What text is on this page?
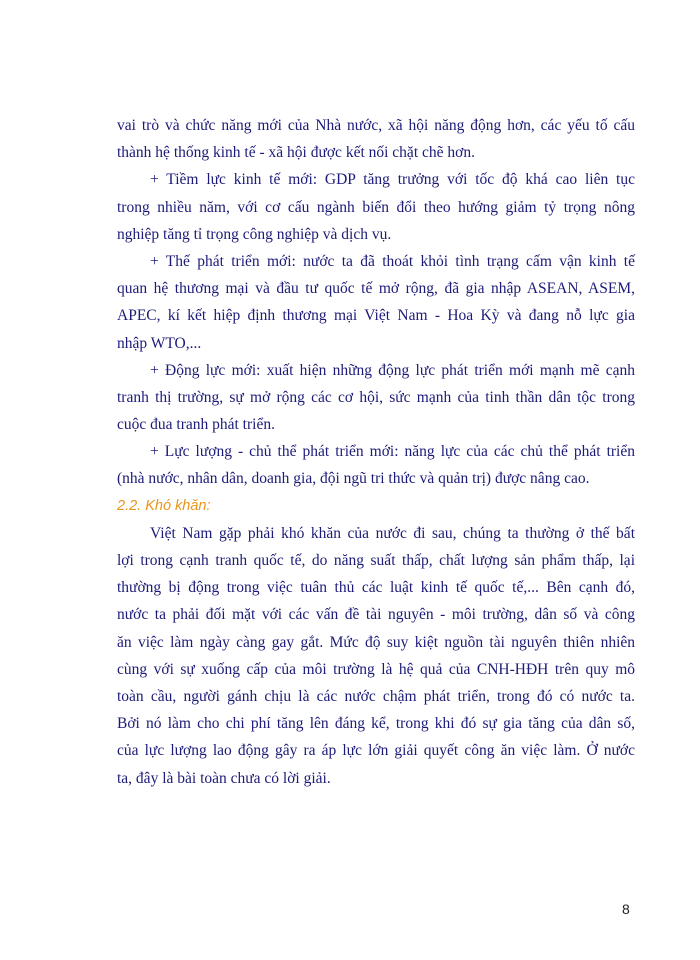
vai trò và chức năng mới của Nhà nước, xã hội năng động hơn, các yếu tố cấu
thành hệ thống kinh tế - xã hội được kết nối chặt chẽ hơn.
+ Tiềm lực kinh tế mới: GDP tăng trưởng với tốc độ khá cao liên tục
trong nhiều năm, với cơ cấu ngành biến đổi theo hướng giảm tỷ trọng nông
nghiệp tăng tỉ trọng công nghiệp và dịch vụ.
+ Thế phát triển mới: nước ta đã thoát khỏi tình trạng cấm vận kinh tế
quan hệ thương mại và đầu tư quốc tế mở rộng, đã gia nhập ASEAN, ASEM,
APEC, kí kết hiệp định thương mại Việt Nam - Hoa Kỳ và đang nỗ lực gia
nhập WTO,...
+ Động lực mới: xuất hiện những động lực phát triển mới mạnh mẽ cạnh
tranh thị trường, sự mở rộng các cơ hội, sức mạnh của tinh thần dân tộc trong
cuộc đua tranh phát triển.
+ Lực lượng - chủ thể phát triển mới: năng lực của các chủ thể phát triển
(nhà nước, nhân dân, doanh gia, đội ngũ tri thức và quản trị) được nâng cao.
2.2. Khó khăn:
Việt Nam gặp phải khó khăn của nước đi sau, chúng ta thường ở thế bất
lợi trong cạnh tranh quốc tế, do năng suất thấp, chất lượng sản phẩm thấp, lại
thường bị động trong việc tuân thủ các luật kinh tế quốc tế,... Bên cạnh đó,
nước ta phải đối mặt với các vấn đề tài nguyên - môi trường, dân số và công
ăn việc làm ngày càng gay gắt. Mức độ suy kiệt nguồn tài nguyên thiên nhiên
cùng với sự xuống cấp của môi trường là hệ quả của CNH-HĐH trên quy mô
toàn cầu, người gánh chịu là các nước chậm phát triển, trong đó có nước ta.
Bởi nó làm cho chi phí tăng lên đáng kể, trong khi đó sự gia tăng của dân số,
của lực lượng lao động gây ra áp lực lớn giải quyết công ăn việc làm. Ở nước
ta, đây là bài toàn chưa có lời giải.
8
